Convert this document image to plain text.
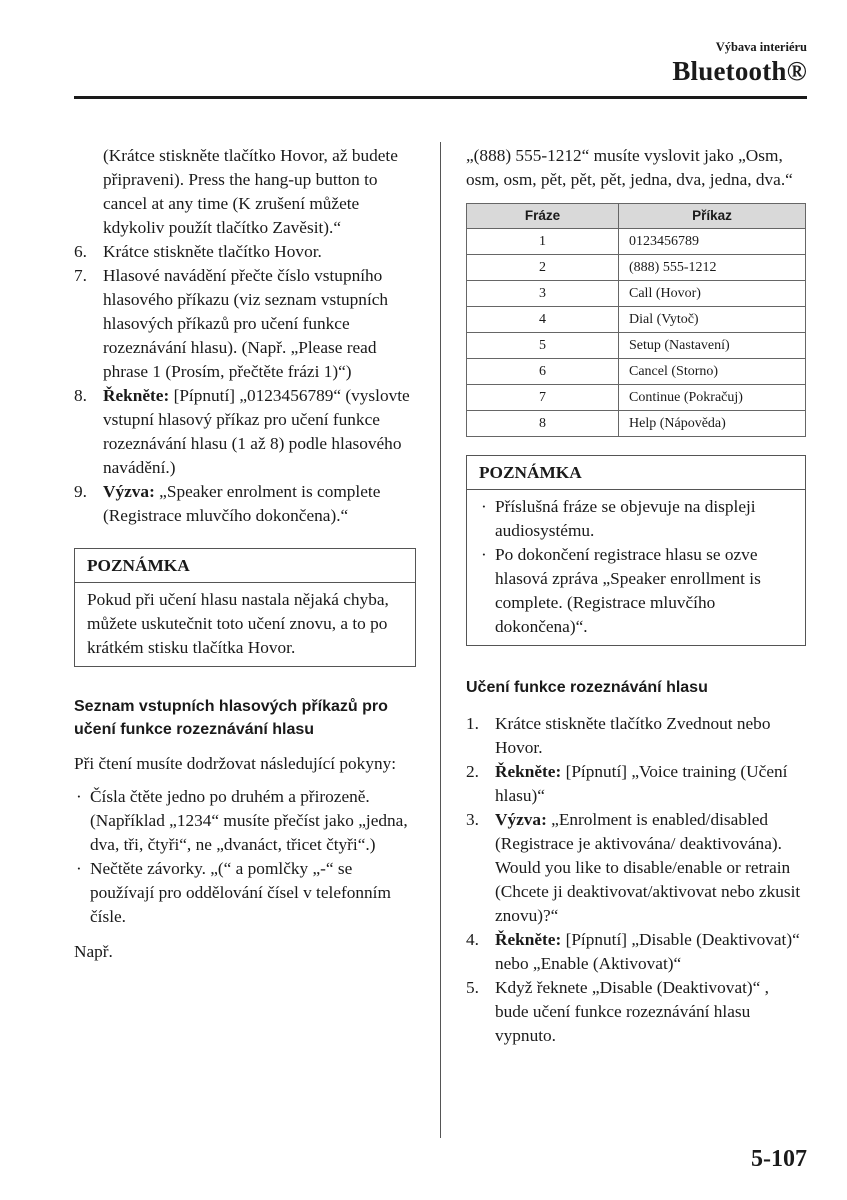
Výbava interiéru
Bluetooth®

(Krátce stiskněte tlačítko Hovor, až budete připraveni). Press the hang-up button to cancel at any time (K zrušení můžete kdykoliv použít tlačítko Zavěsit).“

6. Krátce stiskněte tlačítko Hovor.
7. Hlasové navádění přečte číslo vstupního hlasového příkazu (viz seznam vstupních hlasových příkazů pro učení funkce rozeznávání hlasu). (Např. „Please read phrase 1 (Prosím, přečtěte frázi 1)“)
8. Řekněte: [Pípnutí] „0123456789“ (vyslovte vstupní hlasový příkaz pro učení funkce rozeznávání hlasu (1 až 8) podle hlasového navádění.)
9. Výzva: „Speaker enrolment is complete (Registrace mluvčího dokončena).“
POZNÁMKA
Pokud při učení hlasu nastala nějaká chyba, můžete uskutečnit toto učení znovu, a to po krátkém stisku tlačítka Hovor.
Seznam vstupních hlasových příkazů pro učení funkce rozeznávání hlasu

Při čtení musíte dodržovat následující pokyny:

· Čísla čtěte jedno po druhém a přirozeně. (Například „1234“ musíte přečíst jako „jedna, dva, tři, čtyři“, ne „dvanáct, třicet čtyři“.)
· Nečtěte závorky. „(“ a pomlčky „-“ se používají pro oddělování čísel v telefonním čísle.

Např.

„(888) 555-1212“ musíte vyslovit jako „Osm, osm, osm, pět, pět, pět, jedna, dva, jedna, dva.“

Fráze	Příkaz
1	0123456789
2	(888) 555-1212
3	Call (Hovor)
4	Dial (Vytoč)
5	Setup (Nastavení)
6	Cancel (Storno)
7	Continue (Pokračuj)
8	Help (Nápověda)
POZNÁMKA
· Příslušná fráze se objevuje na displeji audiosystému.
· Po dokončení registrace hlasu se ozve hlasová zpráva „Speaker enrollment is complete. (Registrace mluvčího dokončena)“.
Učení funkce rozeznávání hlasu
1. Krátce stiskněte tlačítko Zvednout nebo Hovor.
2. Řekněte: [Pípnutí] „Voice training (Učení hlasu)“
3. Výzva: „Enrolment is enabled/disabled (Registrace je aktivována/ deaktivována). Would you like to disable/enable or retrain (Chcete ji deaktivovat/aktivovat nebo zkusit znovu)?“
4. Řekněte: [Pípnutí] „Disable (Deaktivovat)“ nebo „Enable (Aktivovat)“
5. Když řeknete „Disable (Deaktivovat)“ , bude učení funkce rozeznávání hlasu vypnuto.
5-107
